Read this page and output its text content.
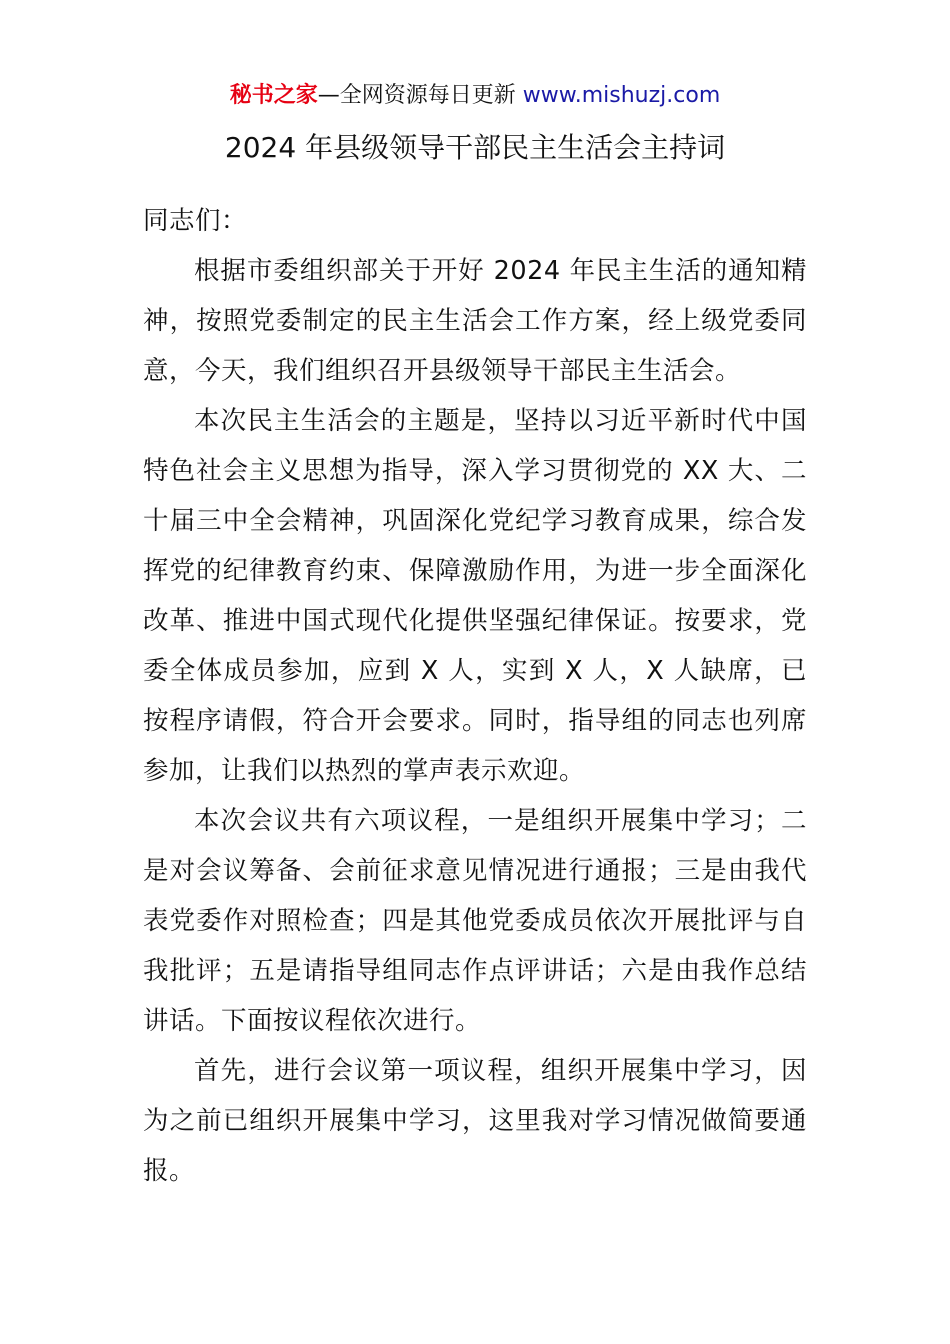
秘书之家—全网资源每日更新 www.mishuzj.com
2024 年县级领导干部民主生活会主持词

同志们：

根据市委组织部关于开好 2024 年民主生活的通知精神，按照党委制定的民主生活会工作方案，经上级党委同意，今天，我们组织召开县级领导干部民主生活会。

本次民主生活会的主题是，坚持以习近平新时代中国特色社会主义思想为指导，深入学习贯彻党的 XX 大、二十届三中全会精神，巩固深化党纪学习教育成果，综合发挥党的纪律教育约束、保障激励作用，为进一步全面深化改革、推进中国式现代化提供坚强纪律保证。按要求，党委全体成员参加，应到 X 人，实到 X 人，X 人缺席，已按程序请假，符合开会要求。同时，指导组的同志也列席参加，让我们以热烈的掌声表示欢迎。

本次会议共有六项议程，一是组织开展集中学习；二是对会议筹备、会前征求意见情况进行通报；三是由我代表党委作对照检查；四是其他党委成员依次开展批评与自我批评；五是请指导组同志作点评讲话；六是由我作总结讲话。下面按议程依次进行。

首先，进行会议第一项议程，组织开展集中学习，因为之前已组织开展集中学习，这里我对学习情况做简要通报。
